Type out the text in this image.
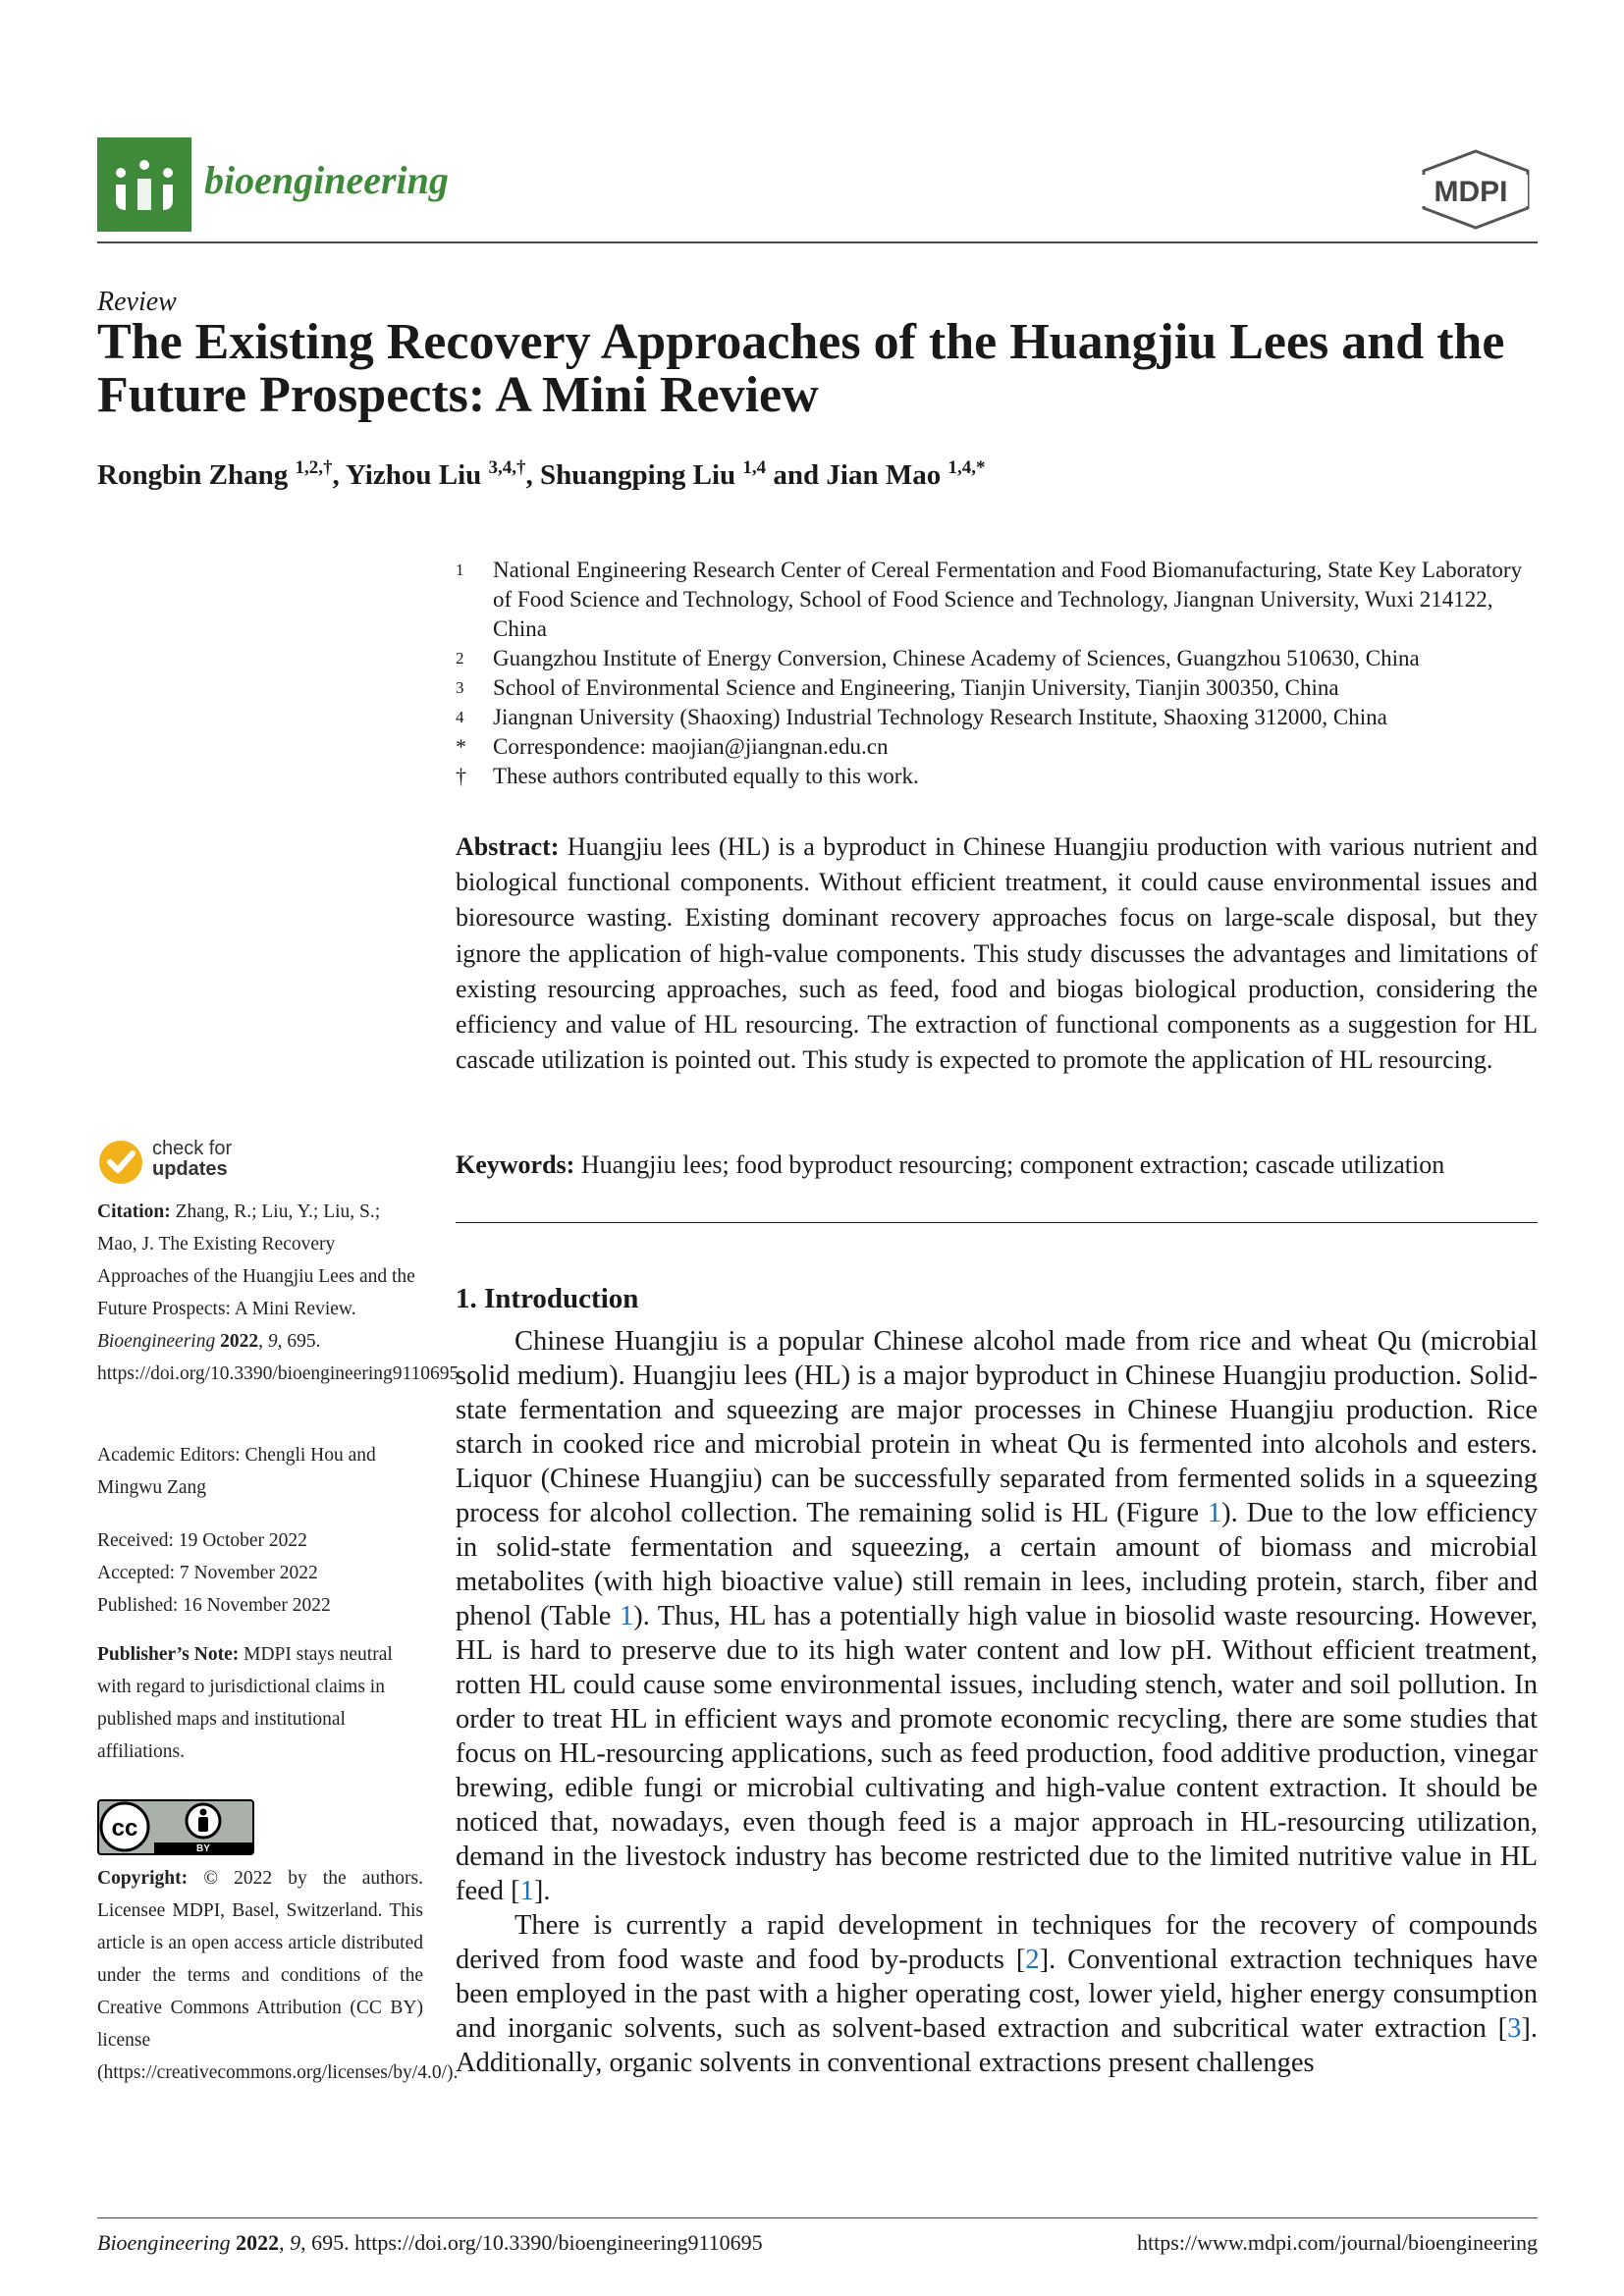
bioengineering	MDPI
Review
The Existing Recovery Approaches of the Huangjiu Lees and the Future Prospects: A Mini Review
Rongbin Zhang $^{1,2,\dagger}$, Yizhou Liu $^{3,4,\dagger}$, Shuangping Liu $^{1,4}$ and Jian Mao $^{1,4,*}$
1	National Engineering Research Center of Cereal Fermentation and Food Biomanufacturing, State Key Laboratory of Food Science and Technology, School of Food Science and Technology, Jiangnan University, Wuxi 214122, China
2	Guangzhou Institute of Energy Conversion, Chinese Academy of Sciences, Guangzhou 510630, China
3	School of Environmental Science and Engineering, Tianjin University, Tianjin 300350, China
4	Jiangnan University (Shaoxing) Industrial Technology Research Institute, Shaoxing 312000, China
*	Correspondence: maojian@jiangnan.edu.cn
†	These authors contributed equally to this work.
Abstract: Huangjiu lees (HL) is a byproduct in Chinese Huangjiu production with various nutrient and biological functional components. Without efficient treatment, it could cause environmental issues and bioresource wasting. Existing dominant recovery approaches focus on large-scale disposal, but they ignore the application of high-value components. This study discusses the advantages and limitations of existing resourcing approaches, such as feed, food and biogas biological production, considering the efficiency and value of HL resourcing. The extraction of functional components as a suggestion for HL cascade utilization is pointed out. This study is expected to promote the application of HL resourcing.
Keywords: Huangjiu lees; food byproduct resourcing; component extraction; cascade utilization
1. Introduction

Chinese Huangjiu is a popular Chinese alcohol made from rice and wheat Qu (microbial solid medium). Huangjiu lees (HL) is a major byproduct in Chinese Huangjiu production. Solid-state fermentation and squeezing are major processes in Chinese Huangjiu production. Rice starch in cooked rice and microbial protein in wheat Qu is fermented into alcohols and esters. Liquor (Chinese Huangjiu) can be successfully separated from fermented solids in a squeezing process for alcohol collection. The remaining solid is HL (Figure 1). Due to the low efficiency in solid-state fermentation and squeezing, a certain amount of biomass and microbial metabolites (with high bioactive value) still remain in lees, including protein, starch, fiber and phenol (Table 1). Thus, HL has a potentially high value in biosolid waste resourcing. However, HL is hard to preserve due to its high water content and low pH. Without efficient treatment, rotten HL could cause some environmental issues, including stench, water and soil pollution. In order to treat HL in efficient ways and promote economic recycling, there are some studies that focus on HL-resourcing applications, such as feed production, food additive production, vinegar brewing, edible fungi or microbial cultivating and high-value content extraction. It should be noticed that, nowadays, even though feed is a major approach in HL-resourcing utilization, demand in the livestock industry has become restricted due to the limited nutritive value in HL feed [1].

There is currently a rapid development in techniques for the recovery of compounds derived from food waste and food by-products [2]. Conventional extraction techniques have been employed in the past with a higher operating cost, lower yield, higher energy consumption and inorganic solvents, such as solvent-based extraction and subcritical water extraction [3]. Additionally, organic solvents in conventional extractions present challenges

check for
updates
Citation: Zhang, R.; Liu, Y.; Liu, S.; Mao, J. The Existing Recovery Approaches of the Huangjiu Lees and the Future Prospects: A Mini Review. Bioengineering 2022, 9, 695. https://doi.org/10.3390/bioengineering9110695
Academic Editors: Chengli Hou and Mingwu Zang
Received: 19 October 2022
Accepted: 7 November 2022
Published: 16 November 2022
Publisher’s Note: MDPI stays neutral with regard to jurisdictional claims in published maps and institutional affiliations.
BY
cc
Copyright: © 2022 by the authors. Licensee MDPI, Basel, Switzerland. This article is an open access article distributed under the terms and conditions of the Creative Commons Attribution (CC BY) license (https://creativecommons.org/licenses/by/4.0/).
Bioengineering 2022, 9, 695. https://doi.org/10.3390/bioengineering9110695	https://www.mdpi.com/journal/bioengineering
